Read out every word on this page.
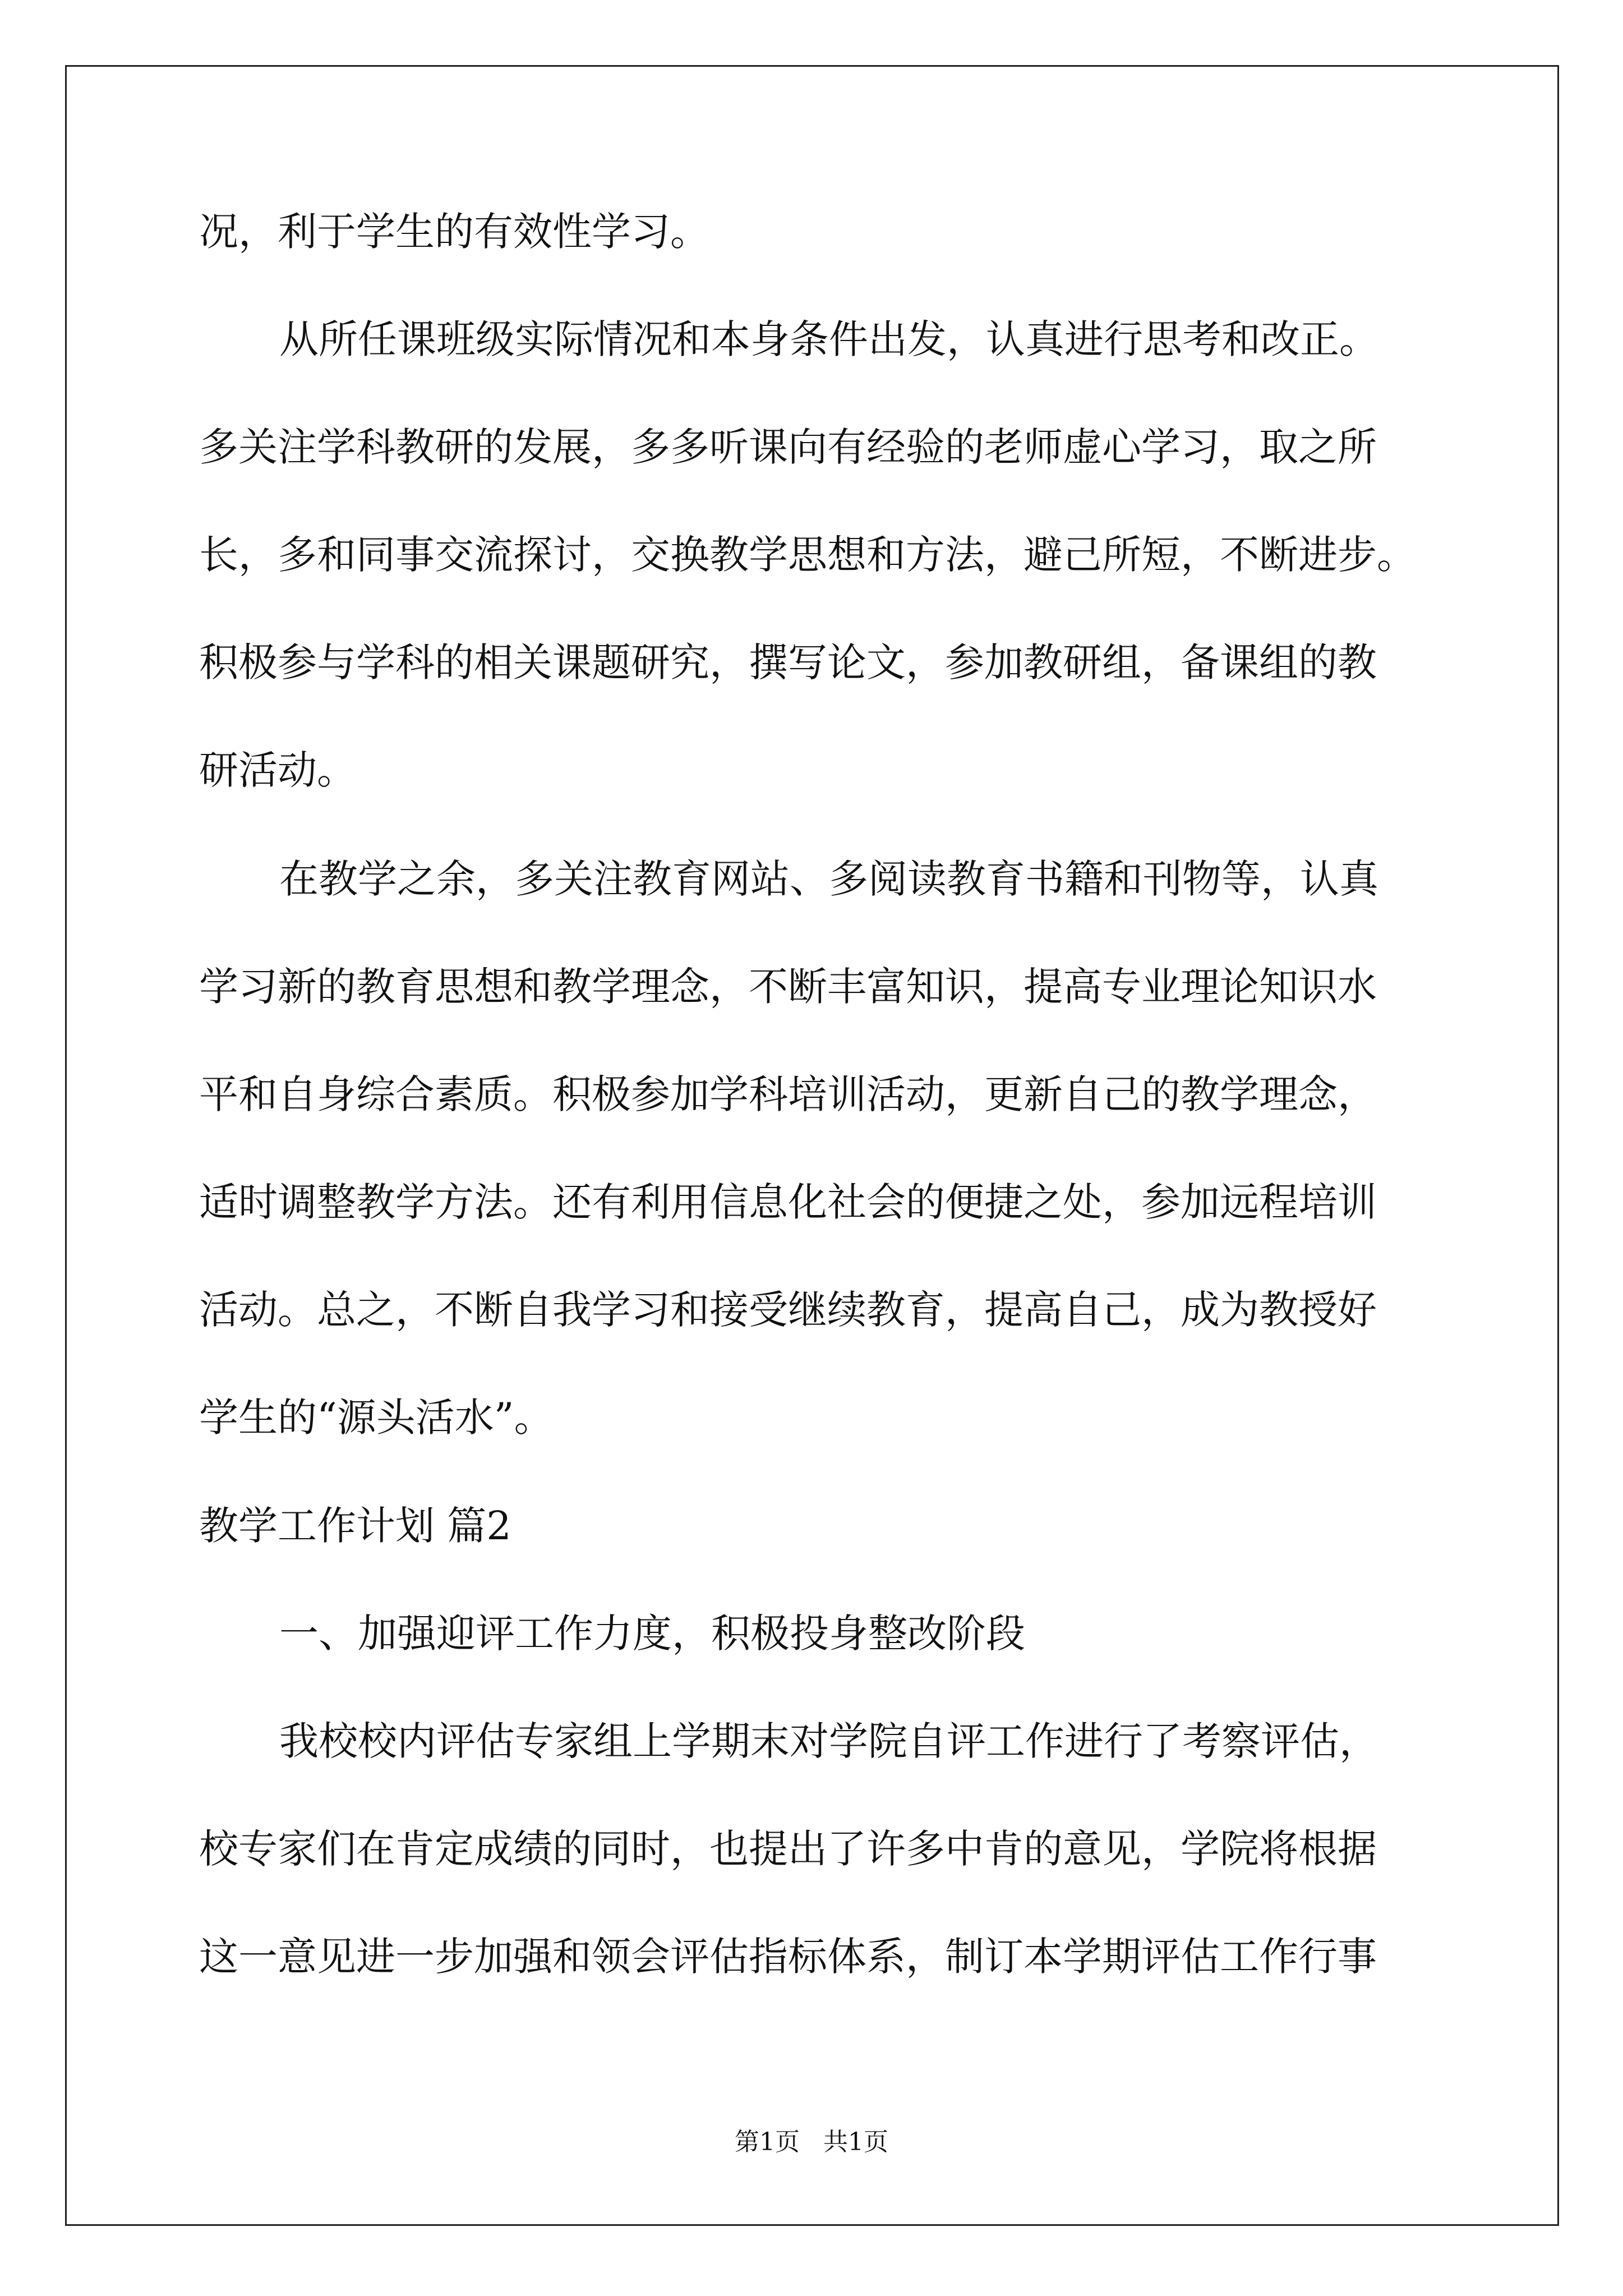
况，利于学生的有效性学习。
从所任课班级实际情况和本身条件出发，认真进行思考和改正。
多关注学科教研的发展，多多听课向有经验的老师虚心学习，取之所
长，多和同事交流探讨，交换教学思想和方法，避己所短，不断进步。
积极参与学科的相关课题研究，撰写论文，参加教研组，备课组的教
研活动。
在教学之余，多关注教育网站、多阅读教育书籍和刊物等，认真
学习新的教育思想和教学理念，不断丰富知识，提高专业理论知识水
平和自身综合素质。积极参加学科培训活动，更新自己的教学理念，
适时调整教学方法。还有利用信息化社会的便捷之处，参加远程培训
活动。总之，不断自我学习和接受继续教育，提高自己，成为教授好
学生的“源头活水”。
教学工作计划 篇2
一、加强迎评工作力度，积极投身整改阶段
我校校内评估专家组上学期末对学院自评工作进行了考察评估，
校专家们在肯定成绩的同时，也提出了许多中肯的意见，学院将根据
这一意见进一步加强和领会评估指标体系，制订本学期评估工作行事
第1页   共1页
